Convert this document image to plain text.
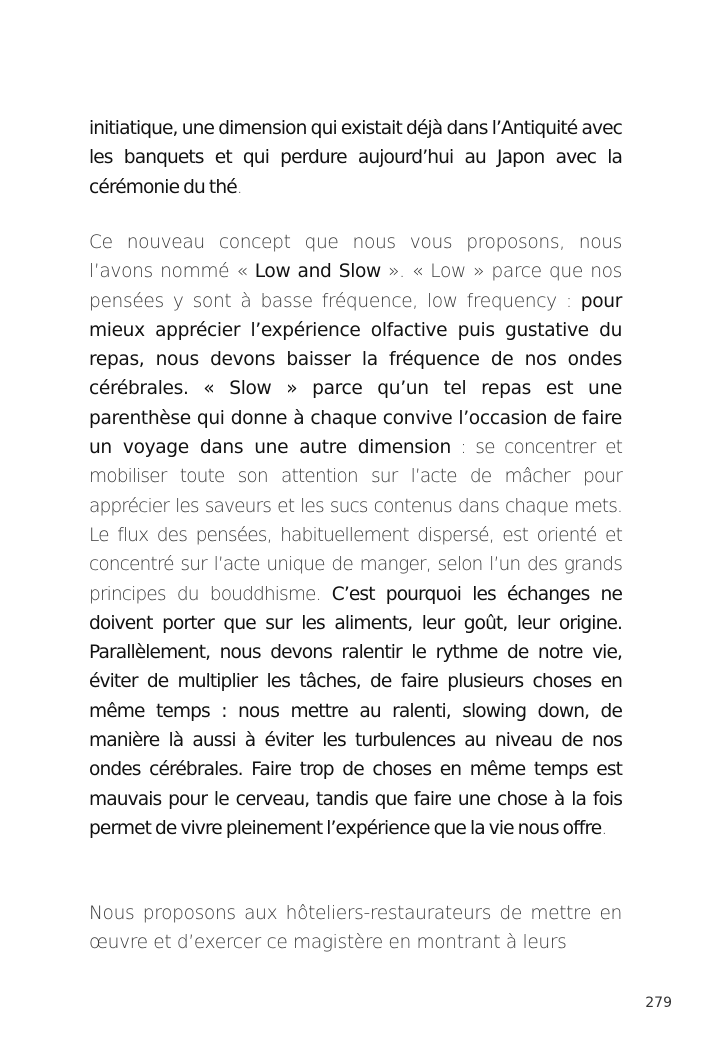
initiatique, une dimension qui existait déjà dans l’Antiquité avec les banquets et qui perdure aujourd’hui au Japon avec la cérémonie du thé.
Ce nouveau concept que nous vous proposons, nous l’avons nommé « Low and Slow ». « Low » parce que nos pensées y sont à basse fréquence, low frequency : pour mieux apprécier l’expérience olfactive puis gustative du repas, nous devons baisser la fréquence de nos ondes cérébrales. « Slow » parce qu’un tel repas est une parenthèse qui donne à chaque convive l’occasion de faire un voyage dans une autre dimension : se concentrer et mobiliser toute son attention sur l’acte de mâcher pour apprécier les saveurs et les sucs contenus dans chaque mets. Le flux des pensées, habituellement dispersé, est orienté et concentré sur l’acte unique de manger, selon l’un des grands principes du bouddhisme. C’est pourquoi les échanges ne doivent porter que sur les aliments, leur goût, leur origine. Parallèlement, nous devons ralentir le rythme de notre vie, éviter de multiplier les tâches, de faire plusieurs choses en même temps : nous mettre au ralenti, slowing down, de manière là aussi à éviter les turbulences au niveau de nos ondes cérébrales. Faire trop de choses en même temps est mauvais pour le cerveau, tandis que faire une chose à la fois permet de vivre pleinement l’expérience que la vie nous offre.
Nous proposons aux hôteliers-restaurateurs de mettre en œuvre et d’exercer ce magistère en montrant à leurs
279
